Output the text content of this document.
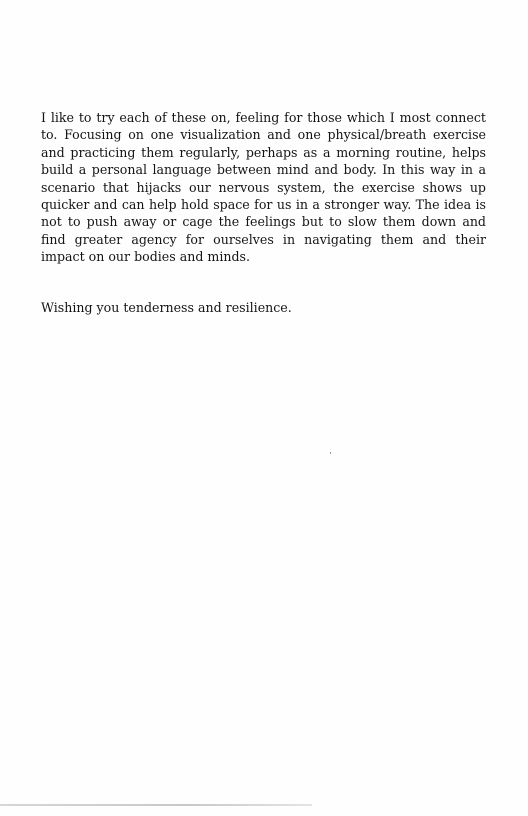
I like to try each of these on, feeling for those which I most connect to. Focusing on one visualization and one physical/breath exercise and practicing them regularly, perhaps as a morning routine, helps build a personal language between mind and body. In this way in a scenario that hijacks our nervous system, the exercise shows up quicker and can help hold space for us in a stronger way. The idea is not to push away or cage the feelings but to slow them down and find greater agency for ourselves in navigating them and their impact on our bodies and minds.

Wishing you tenderness and resilience.
